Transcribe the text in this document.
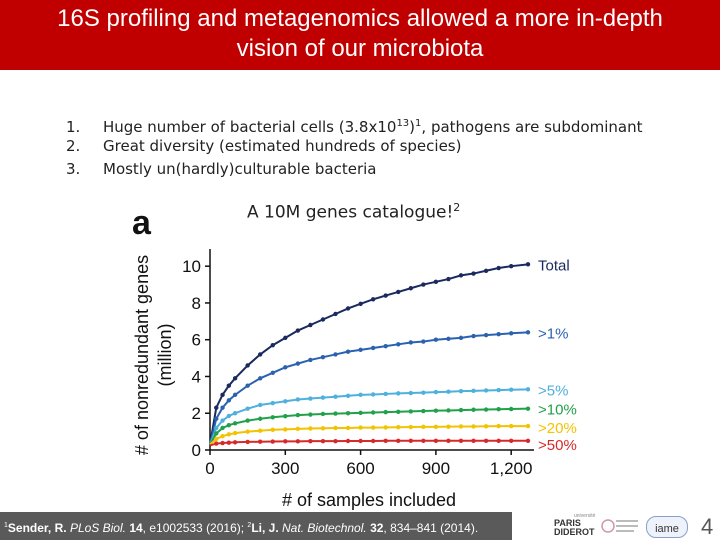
16S profiling and metagenomics allowed a more in-depth
vision of our microbiota
1. Huge number of bacterial cells $(3.8x10^{13})^1$, pathogens are subdominant
2. Great diversity (estimated hundreds of species)
3. Mostly un(hardly)culturable bacteria
a	A 10M genes catalogue!$^2$
0
2
4
6
8
10
0	300	600	900 1,200
# of samples included
# of nonredundant genes (million)
Total
>1%
>5%
>10%
>20%
>50%
$^1$Sender, R. PLoS Biol. 14, e1002533 (2016); $^2$Li, J. Nat. Biotechnol. 32, 834–841 (2014).
université
PARIS
DIDEROT	iame	4
